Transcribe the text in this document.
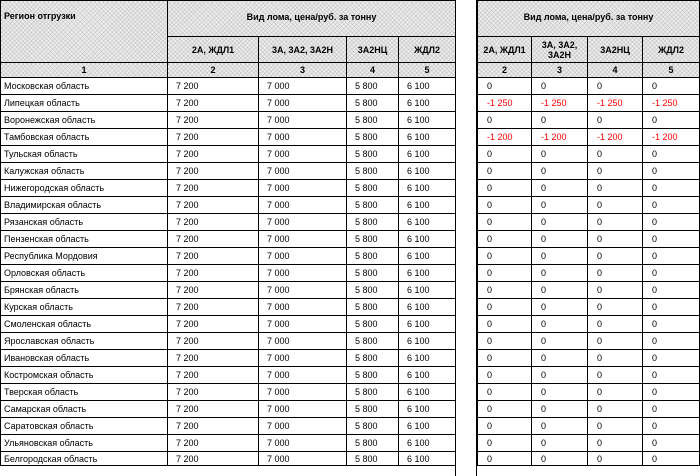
Регион отгрузки	Вид лома, цена/руб. за тонну			
	2А, ЖДЛ1	3А, 3А2, 3А2Н	3А2НЦ	ЖДЛ2
1	2	3	4	5
Московская область	7 200	7 000	5 800	6 100
Липецкая область	7 200	7 000	5 800	6 100
Воронежская область	7 200	7 000	5 800	6 100
Тамбовская область	7 200	7 000	5 800	6 100
Тульская область	7 200	7 000	5 800	6 100
Калужская область	7 200	7 000	5 800	6 100
Нижегородская область	7 200	7 000	5 800	6 100
Владимирская область	7 200	7 000	5 800	6 100
Рязанская область	7 200	7 000	5 800	6 100
Пензенская область	7 200	7 000	5 800	6 100
Республика Мордовия	7 200	7 000	5 800	6 100
Орловская область	7 200	7 000	5 800	6 100
Брянская область	7 200	7 000	5 800	6 100
Курская область	7 200	7 000	5 800	6 100
Смоленская область	7 200	7 000	5 800	6 100
Ярославская область	7 200	7 000	5 800	6 100
Ивановская область	7 200	7 000	5 800	6 100
Костромская область	7 200	7 000	5 800	6 100
Тверская область	7 200	7 000	5 800	6 100
Самарская область	7 200	7 000	5 800	6 100
Саратовская область	7 200	7 000	5 800	6 100
Ульяновская область	7 200	7 000	5 800	6 100
Белгородская область	7 200	7 000	5 800	6 100
Вид лома, цена/руб. за тонну			
2А, ЖДЛ1	3А, 3А2, 3А2Н	3А2НЦ	ЖДЛ2
2	3	4	5
0	0	0	0
-1 250	-1 250	-1 250	-1 250
0	0	0	0
-1 200	-1 200	-1 200	-1 200
0	0	0	0
0	0	0	0
0	0	0	0
0	0	0	0
0	0	0	0
0	0	0	0
0	0	0	0
0	0	0	0
0	0	0	0
0	0	0	0
0	0	0	0
0	0	0	0
0	0	0	0
0	0	0	0
0	0	0	0
0	0	0	0
0	0	0	0
0	0	0	0
0	0	0	0
